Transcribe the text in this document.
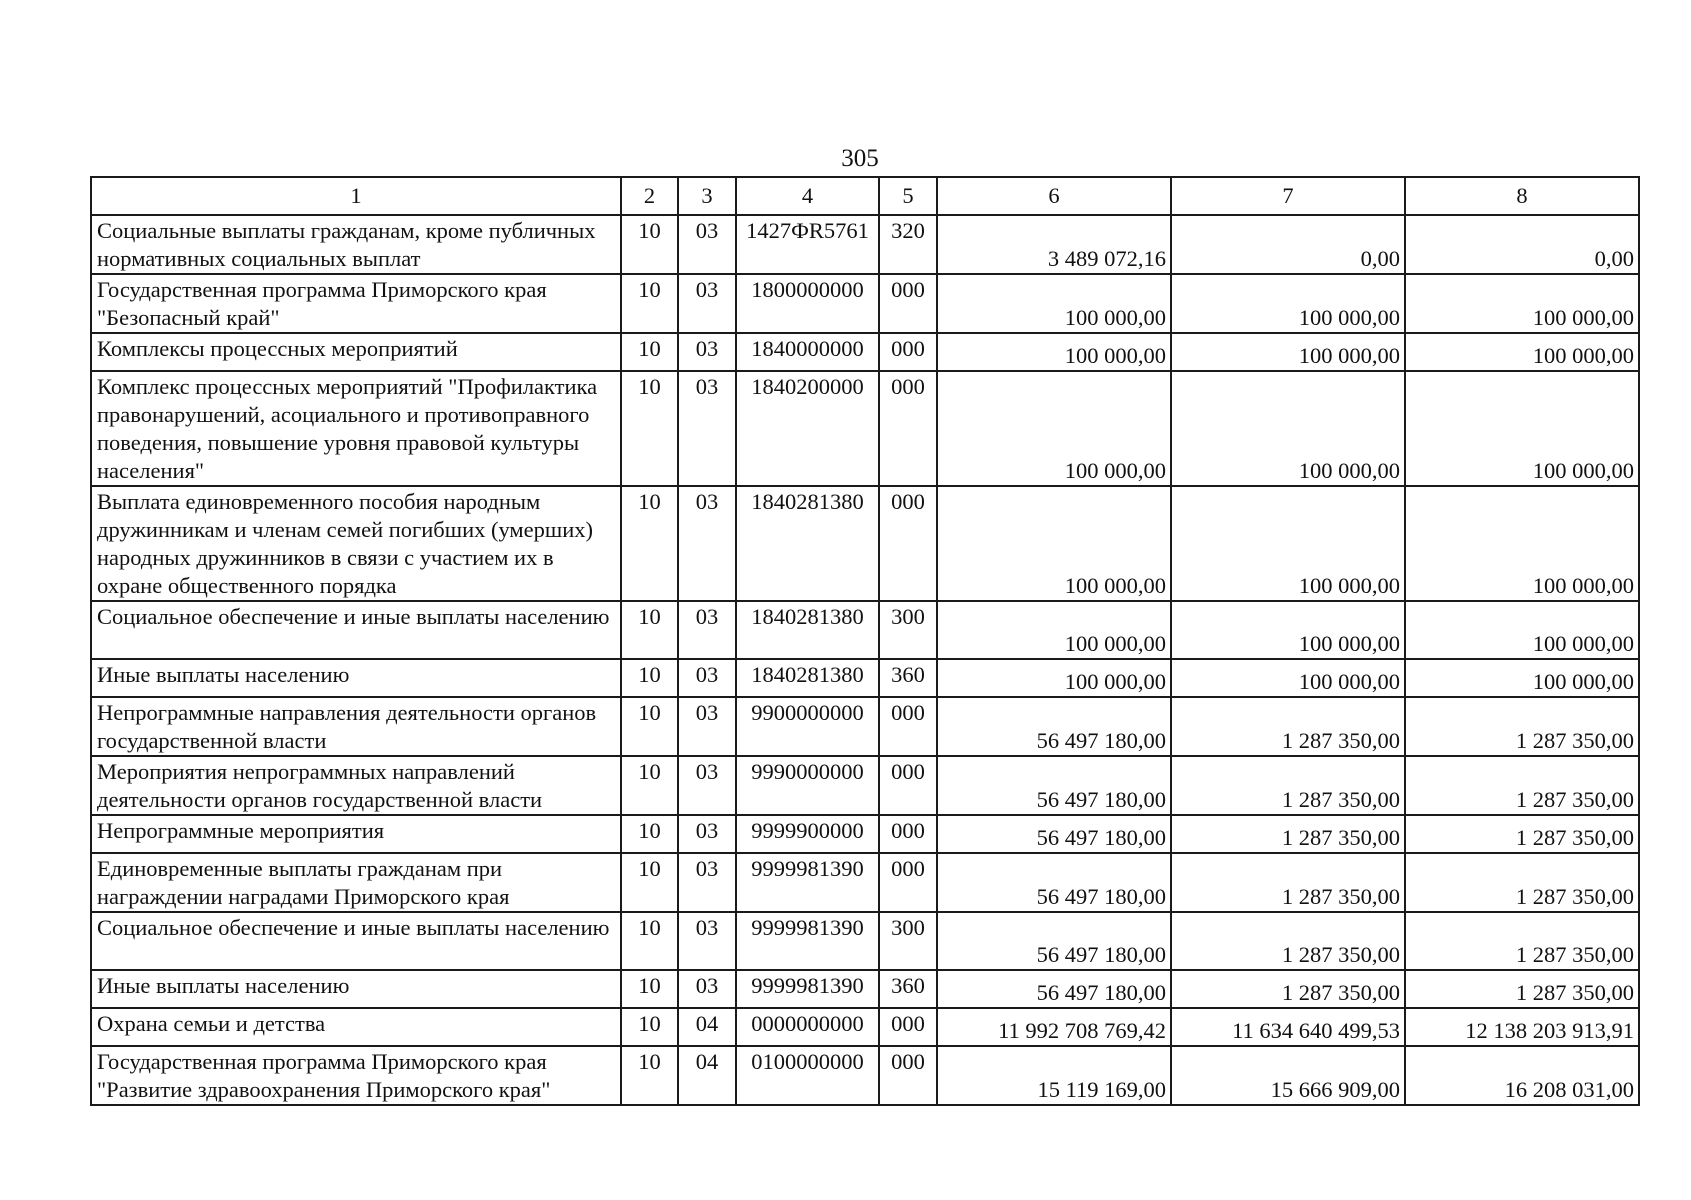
305
1	2	3	4	5	6	7	8
Социальные выплаты гражданам, кроме публичных нормативных социальных выплат	10	03	1427ФR5761	320	3 489 072,16	0,00	0,00
Государственная программа Приморского края "Безопасный край"	10	03	1800000000	000	100 000,00	100 000,00	100 000,00
Комплексы процессных мероприятий	10	03	1840000000	000	100 000,00	100 000,00	100 000,00
Комплекс процессных мероприятий "Профилактика правонарушений, асоциального и противоправного поведения, повышение уровня правовой культуры населения"	10	03	1840200000	000	100 000,00	100 000,00	100 000,00
Выплата единовременного пособия народным дружинникам и членам семей погибших (умерших) народных дружинников в связи с участием их в охране общественного порядка	10	03	1840281380	000	100 000,00	100 000,00	100 000,00
Социальное обеспечение и иные выплаты населению	10	03	1840281380	300	100 000,00	100 000,00	100 000,00
Иные выплаты населению	10	03	1840281380	360	100 000,00	100 000,00	100 000,00
Непрограммные направления деятельности органов государственной власти	10	03	9900000000	000	56 497 180,00	1 287 350,00	1 287 350,00
Мероприятия непрограммных направлений деятельности органов государственной власти	10	03	9990000000	000	56 497 180,00	1 287 350,00	1 287 350,00
Непрограммные мероприятия	10	03	9999900000	000	56 497 180,00	1 287 350,00	1 287 350,00
Единовременные выплаты гражданам при награждении наградами Приморского края	10	03	9999981390	000	56 497 180,00	1 287 350,00	1 287 350,00
Социальное обеспечение и иные выплаты населению	10	03	9999981390	300	56 497 180,00	1 287 350,00	1 287 350,00
Иные выплаты населению	10	03	9999981390	360	56 497 180,00	1 287 350,00	1 287 350,00
Охрана семьи и детства	10	04	0000000000	000	11 992 708 769,42	11 634 640 499,53	12 138 203 913,91
Государственная программа Приморского края "Развитие здравоохранения Приморского края"	10	04	0100000000	000	15 119 169,00	15 666 909,00	16 208 031,00
